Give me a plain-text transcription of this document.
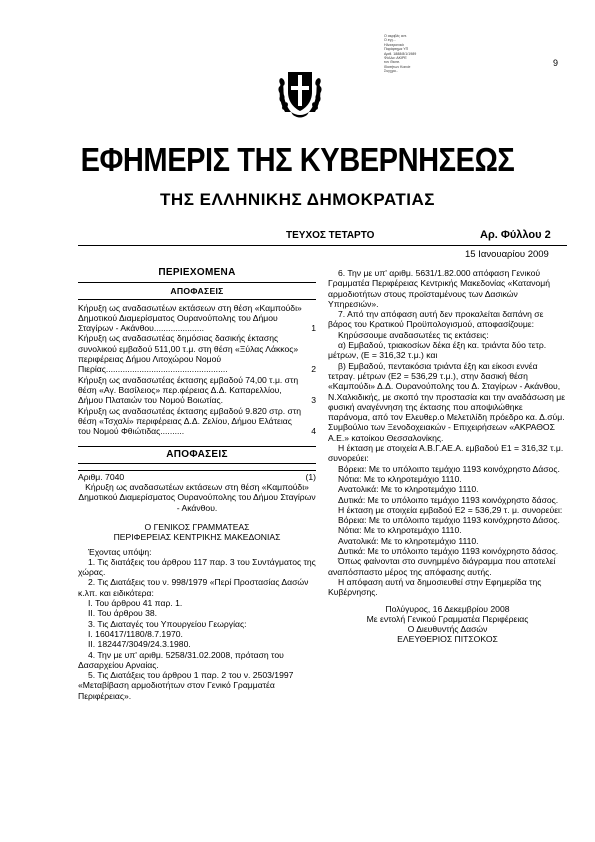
Ο ακριβές αντ.
Ο εγγ...
Ηλεκτρονικά
Παράρτημα ΥΠ
Αριθ. 1888/8/1/1989
Φύλλα: ΑΚΙΡΕ
τον Θεσσ.
Ιδιοτήτων Κοινότ
Συγχρο..
9
ΕΦΗΜΕΡΙΣ ΤΗΣ ΚΥΒΕΡΝΗΣΕΩΣ
ΤΗΣ ΕΛΛΗΝΙΚΗΣ ΔΗΜΟΚΡΑΤΙΑΣ
ΤΕΥΧΟΣ ΤΕΤΑΡΤΟ	Αρ. Φύλλου 2
15 Ιανουαρίου 2009
ΠΕΡΙΕΧΟΜΕΝΑ
ΑΠΟΦΑΣΕΙΣ
Κήρυξη ως αναδασωτέων εκτάσεων στη θέση «Καμπούδι» Δημοτικού Διαμερίσματος Ουρανούπολης του Δήμου Σταγίρων - Ακάνθου.....................	1
Κήρυξη ως αναδασωτέας δημόσιας δασικής έκτασης συνολικού εμβαδού 511,00 τ.μ. στη θέση «Ξύλας Λάκκος» περιφέρειας Δήμου Λιτοχώρου Νομού Πιερίας...................................................	2
Κήρυξη ως αναδασωτέας έκτασης εμβαδού 74,00 τ.μ. στη θέση «Αγ. Βασίλειος» περ.φέρειας Δ.Δ. Καπαρελλίου, Δήμου Πλαταιών του Νομού Βοιωτίας.	3
Κήρυξη ως αναδασωτέας έκτασης εμβαδού 9.820 στρ. στη θέση «Τσχαλί» περιφέρειας Δ.Δ. Ζελίου, Δήμου Ελάτειας του Νομού Φθιώτιδας..........	4
ΑΠΟΦΑΣΕΙΣ
Αριθμ. 7040	(1)

Κήρυξη ως αναδασωτέων εκτάσεων στη θέση «Καμπούδι» Δημοτικού Διαμερίσματος Ουρανούπολης του Δήμου Σταγίρων - Ακάνθου.

Ο ΓΕΝΙΚΟΣ ΓΡΑΜΜΑΤΕΑΣ

ΠΕΡΙΦΕΡΕΙΑΣ ΚΕΝΤΡΙΚΗΣ ΜΑΚΕΔΟΝΙΑΣ

Έχοντας υπόψη:

1. Τις διατάξεις του άρθρου 117 παρ. 3 του Συντάγματος της χώρας.

2. Τις Διατάξεις του ν. 998/1979 «Περί Προστασίας Δασών κ.λπ. και ειδικότερα:

I. Του άρθρου 41 παρ. 1.

II. Του άρθρου 38.

3. Τις Διαταγές του Υπουργείου Γεωργίας:

I. 160417/1180/8.7.1970.

II. 182447/3049/24.3.1980.

4. Την με υπ' αριθμ. 5258/31.02.2008, πρόταση του Δασαρχείου Αρναίας.

5. Τις Διατάξεις του άρθρου 1 παρ. 2 του ν. 2503/1997 «Μεταβίβαση αρμοδιοτήτων στον Γενικό Γραμματέα Περιφέρειας».

6. Την με υπ' αριθμ. 5631/1.82.000 απόφαση Γενικού Γραμματέα Περιφέρειας Κεντρικής Μακεδονίας «Κατανομή αρμοδιοτήτων στους προϊσταμένους των Δασικών Υπηρεσιών».

7. Από την απόφαση αυτή δεν προκαλείται δαπάνη σε βάρος του Κρατικού Προϋπολογισμού, αποφασίζουμε:

Κηρύσσουμε αναδασωτέες τις εκτάσεις:

α) Εμβαδού, τριακοσίων δέκα έξη κα. τριάντα δύο τετρ. μέτρων, (Ε = 316,32 τ.μ.) και

β) Εμβαδού, πεντακόσια τριάντα έξη και είκοσι εννέα τετραγ. μέτρων (Ε2 = 536,29 τ.μ.), στην δασική θέση «Καμπούδι» Δ.Δ. Ουρανούπολης του Δ. Σταγίρων - Ακάνθου, Ν.Χαλκιδικής, με σκοπό την προστασία και την αναδάσωση με φυσική αναγέννηση της έκτασης που αποψιλώθηκε παράνομα, από τον Ελευθερ.ο Μελετιλίδη πρόεδρο κα. Δ.σύμ. Συμβούλιο των Ξενοδοχειακών - Επιχειρήσεων «ΑΚΡΑΘΟΣ Α.Ε.» κατοίκου Θεσσαλονίκης.

Η έκταση με στοιχεία Α.Β.Γ.ΑΕ.Α. εμβαδού Ε1 = 316,32 τ.μ. συνορεύει:

Βόρεια: Με το υπόλοιπο τεμάχιο 1193 κοινόχρηστο Δάσος.

Νότια: Με το κληροτεμάχιο 1110.

Ανατολικά: Με το κληροτεμάχιο 1110.

Δυτικά: Με το υπόλοιπο τεμάχιο 1193 κοινόχρηστο δάσος.

Η έκταση με στοιχεία εμβαδού Ε2 = 536,29 τ. μ. συνορεύει:

Βόρεια: Με το υπόλοιπο τεμάχιο 1193 κοινόχρηστο Δάσος.

Νότια: Με το κληροτεμάχιο 1110.

Ανατολικά: Με το κληροτεμάχιο 1110.

Δυτικά: Με το υπόλοιπο τεμάχιο 1193 κοινόχρηστο δάσος.

Όπως φαίνονται στο συνημμένο διάγραμμα που αποτελεί αναπόσπαστο μέρος της απόφασης αυτής.

Η απόφαση αυτή να δημοσιευθεί στην Εφημερίδα της Κυβέρνησης.

Πολύγυρος, 16 Δεκεμβρίου 2008

Με εντολή Γενικού Γραμματέα Περιφέρειας

Ο Διευθυντής Δασών

ΕΛΕΥΘΕΡΙΟΣ ΠΙΤΣΟΚΟΣ
